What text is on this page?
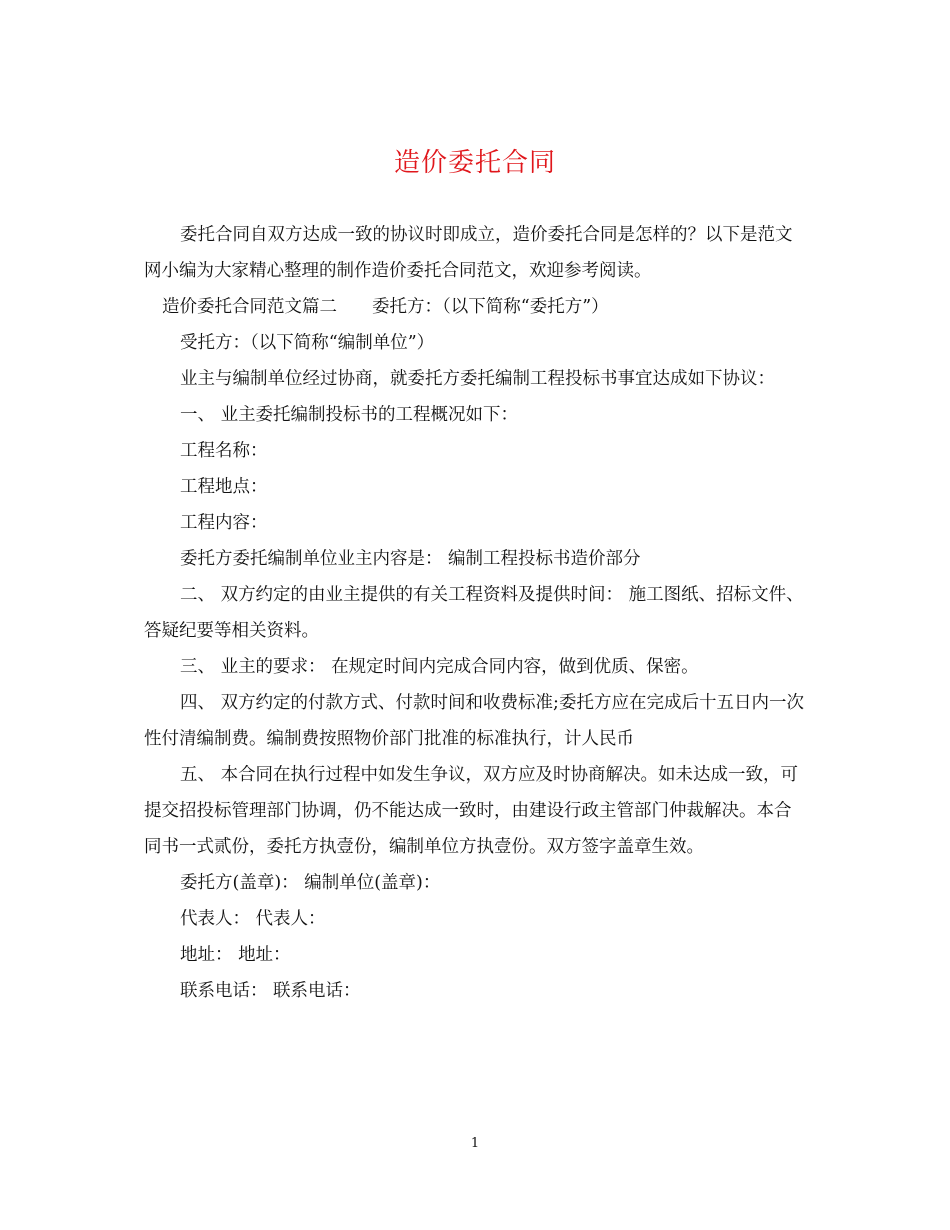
造价委托合同

委托合同自双方达成一致的协议时即成立，造价委托合同是怎样的？以下是范文网小编为大家精心整理的制作造价委托合同范文，欢迎参考阅读。

造价委托合同范文篇二　　委托方：（以下简称“委托方”）

受托方：（以下简称“编制单位”）

业主与编制单位经过协商，就委托方委托编制工程投标书事宜达成如下协议：

一、 业主委托编制投标书的工程概况如下：

工程名称：

工程地点：

工程内容：

委托方委托编制单位业主内容是： 编制工程投标书造价部分

二、 双方约定的由业主提供的有关工程资料及提供时间： 施工图纸、招标文件、答疑纪要等相关资料。

三、 业主的要求： 在规定时间内完成合同内容，做到优质、保密。

四、 双方约定的付款方式、付款时间和收费标准;委托方应在完成后十五日内一次性付清编制费。编制费按照物价部门批准的标准执行，计人民币

五、 本合同在执行过程中如发生争议，双方应及时协商解决。如未达成一致，可提交招投标管理部门协调，仍不能达成一致时，由建设行政主管部门仲裁解决。本合同书一式贰份，委托方执壹份，编制单位方执壹份。双方签字盖章生效。

委托方(盖章)： 编制单位(盖章)：

代表人： 代表人：

地址： 地址：

联系电话： 联系电话：

1
